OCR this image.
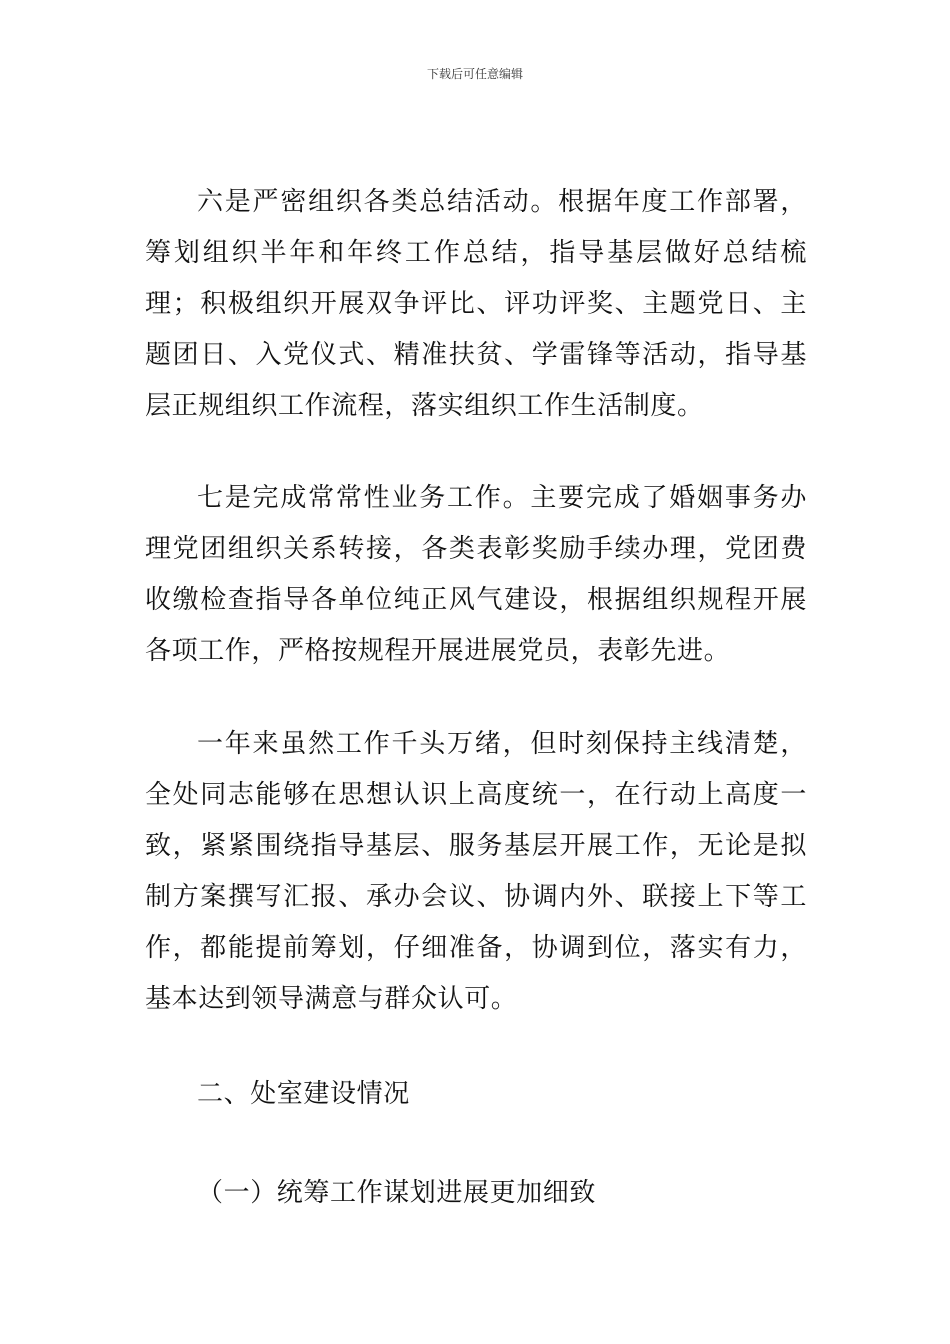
下载后可任意编辑

六是严密组织各类总结活动。根据年度工作部署，筹划组织半年和年终工作总结，指导基层做好总结梳理；积极组织开展双争评比、评功评奖、主题党日、主题团日、入党仪式、精准扶贫、学雷锋等活动，指导基层正规组织工作流程，落实组织工作生活制度。

七是完成常常性业务工作。主要完成了婚姻事务办理党团组织关系转接，各类表彰奖励手续办理，党团费收缴检查指导各单位纯正风气建设，根据组织规程开展各项工作，严格按规程开展进展党员，表彰先进。

一年来虽然工作千头万绪，但时刻保持主线清楚，全处同志能够在思想认识上高度统一，在行动上高度一致，紧紧围绕指导基层、服务基层开展工作，无论是拟制方案撰写汇报、承办会议、协调内外、联接上下等工作，都能提前筹划，仔细准备，协调到位，落实有力，基本达到领导满意与群众认可。

二、处室建设情况
（一）统筹工作谋划进展更加细致
